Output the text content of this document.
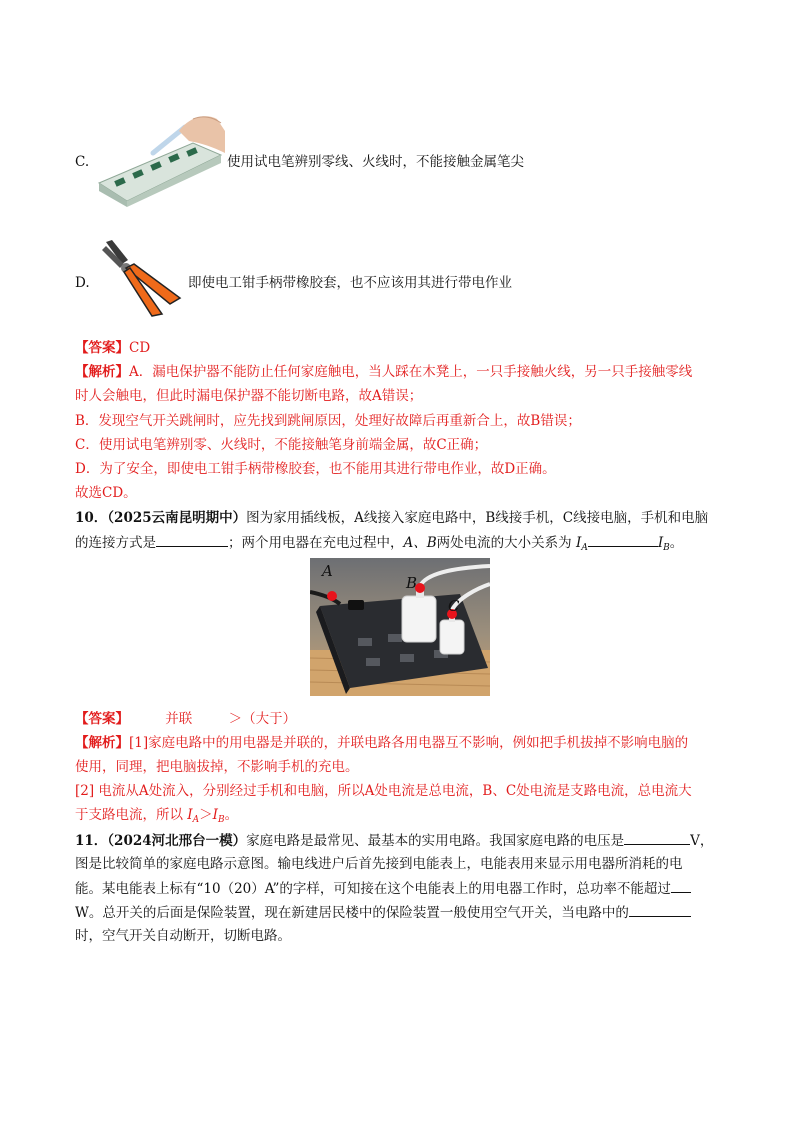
C.	使用试电笔辨别零线、火线时，不能接触金属笔尖
D.	即使电工钳手柄带橡胶套，也不应该用其进行带电作业
【答案】CD
【解析】A．漏电保护器不能防止任何家庭触电，当人踩在木凳上，一只手接触火线，另一只手接触零线
时人会触电，但此时漏电保护器不能切断电路，故A错误；
B．发现空气开关跳闸时，应先找到跳闸原因，处理好故障后再重新合上，故B错误；
C．使用试电笔辨别零、火线时，不能接触笔身前端金属，故C正确；
D．为了安全，即使电工钳手柄带橡胶套，也不能用其进行带电作业，故D正确。
故选CD。
10．（2025云南昆明期中）图为家用插线板，A线接入家庭电路中，B线接手机，C线接电脑，手机和电脑
的连接方式是	；两个用电器在充电过程中，A、B两处电流的大小关系为 $I_A$	$I_B$。
A
B
C
【答案】	并联	＞（大于）
【解析】[1]家庭电路中的用电器是并联的，并联电路各用电器互不影响，例如把手机拔掉不影响电脑的
使用，同理，把电脑拔掉，不影响手机的充电。
[2] 电流从A处流入，分别经过手机和电脑，所以A处电流是总电流，B、C处电流是支路电流，总电流大
于支路电流，所以 $I_A>I_B$。
11．（2024河北邢台一模）家庭电路是最常见、最基本的实用电路。我国家庭电路的电压是	V，
图是比较简单的家庭电路示意图。输电线进户后首先接到电能表上，电能表用来显示用电器所消耗的电
能。某电能表上标有“10（20）A”的字样，可知接在这个电能表上的用电器工作时，总功率不能超过
W。总开关的后面是保险装置，现在新建居民楼中的保险装置一般使用空气开关，当电路中的
时，空气开关自动断开，切断电路。
